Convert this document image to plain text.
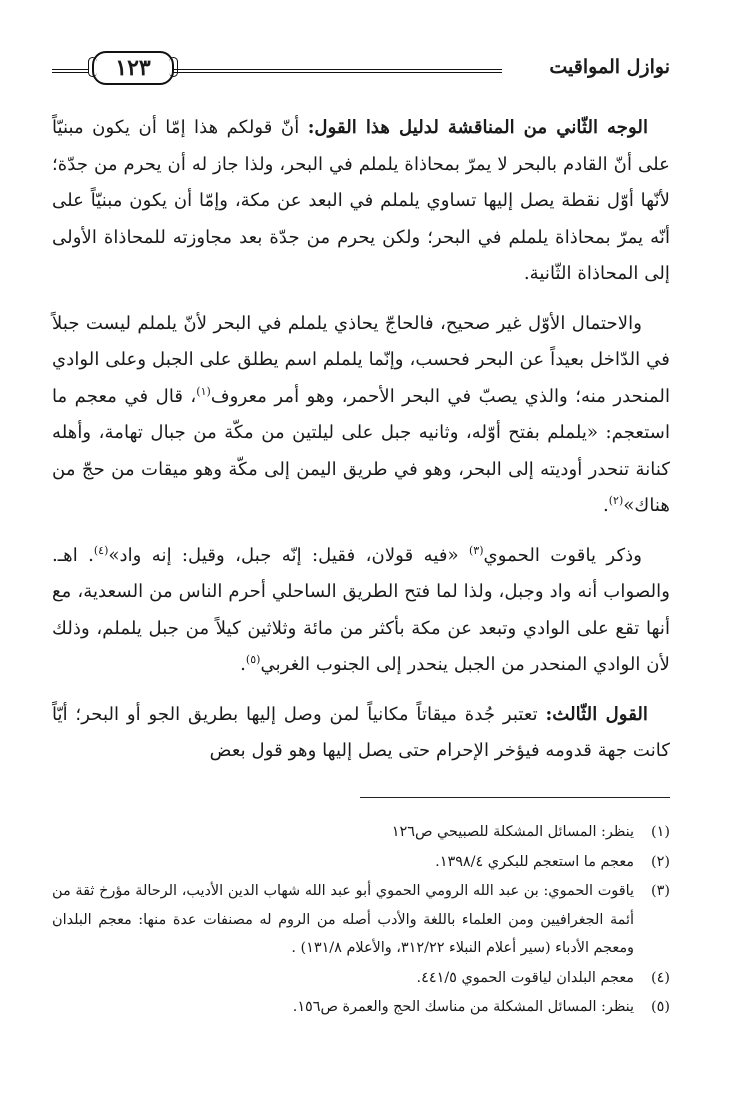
نوازل المواقيت
١٢٣

الوجه الثّاني من المناقشة لدليل هذا القول: أنّ قولكم هذا إمّا أن يكون مبنيّاً على أنّ القادم بالبحر لا يمرّ بمحاذاة يلملم في البحر، ولذا جاز له أن يحرم من جدّة؛ لأنّها أوّل نقطة يصل إليها تساوي يلملم في البعد عن مكة، وإمّا أن يكون مبنيّاً على أنّه يمرّ بمحاذاة يلملم في البحر؛ ولكن يحرم من جدّة بعد مجاوزته للمحاذاة الأولى إلى المحاذاة الثّانية.

والاحتمال الأوّل غير صحيح، فالحاجّ يحاذي يلملم في البحر لأنّ يلملم ليست جبلاً في الدّاخل بعيداً عن البحر فحسب، وإنّما يلملم اسم يطلق على الجبل وعلى الوادي المنحدر منه؛ والذي يصبّ في البحر الأحمر، وهو أمر معروف$^{(١)}$، قال في معجم ما استعجم: «يلملم بفتح أوّله، وثانيه جبل على ليلتين من مكّة من جبال تهامة، وأهله كنانة تنحدر أوديته إلى البحر، وهو في طريق اليمن إلى مكّة وهو ميقات من حجّ من هناك»$^{(٢)}$.

وذكر ياقوت الحموي$^{(٣)}$ «فيه قولان، فقيل: إنّه جبل، وقيل: إنه واد»$^{(٤)}$. اهـ. والصواب أنه واد وجبل، ولذا لما فتح الطريق الساحلي أحرم الناس من السعدية، مع أنها تقع على الوادي وتبعد عن مكة بأكثر من مائة وثلاثين كيلاً من جبل يلملم، وذلك لأن الوادي المنحدر من الجبل ينحدر إلى الجنوب الغربي$^{(٥)}$.

القول الثّالث: تعتبر جُدة ميقاتاً مكانياً لمن وصل إليها بطريق الجو أو البحر؛ أيّاً كانت جهة قدومه فيؤخر الإحرام حتى يصل إليها وهو قول بعض

(١)
ينظر: المسائل المشكلة للصبيحي ص١٢٦
(٢)
معجم ما استعجم للبكري ١٣٩٨/٤.
(٣)
ياقوت الحموي: بن عبد الله الرومي الحموي أبو عبد الله شهاب الدين الأديب، الرحالة مؤرخ ثقة من أئمة الجغرافيين ومن العلماء باللغة والأدب أصله من الروم له مصنفات عدة منها: معجم البلدان ومعجم الأدباء (سير أعلام النبلاء ٣١٢/٢٢، والأعلام ١٣١/٨) .
(٤)
معجم البلدان لياقوت الحموي ٤٤١/٥.
(٥)
ينظر: المسائل المشكلة من مناسك الحج والعمرة ص١٥٦.
